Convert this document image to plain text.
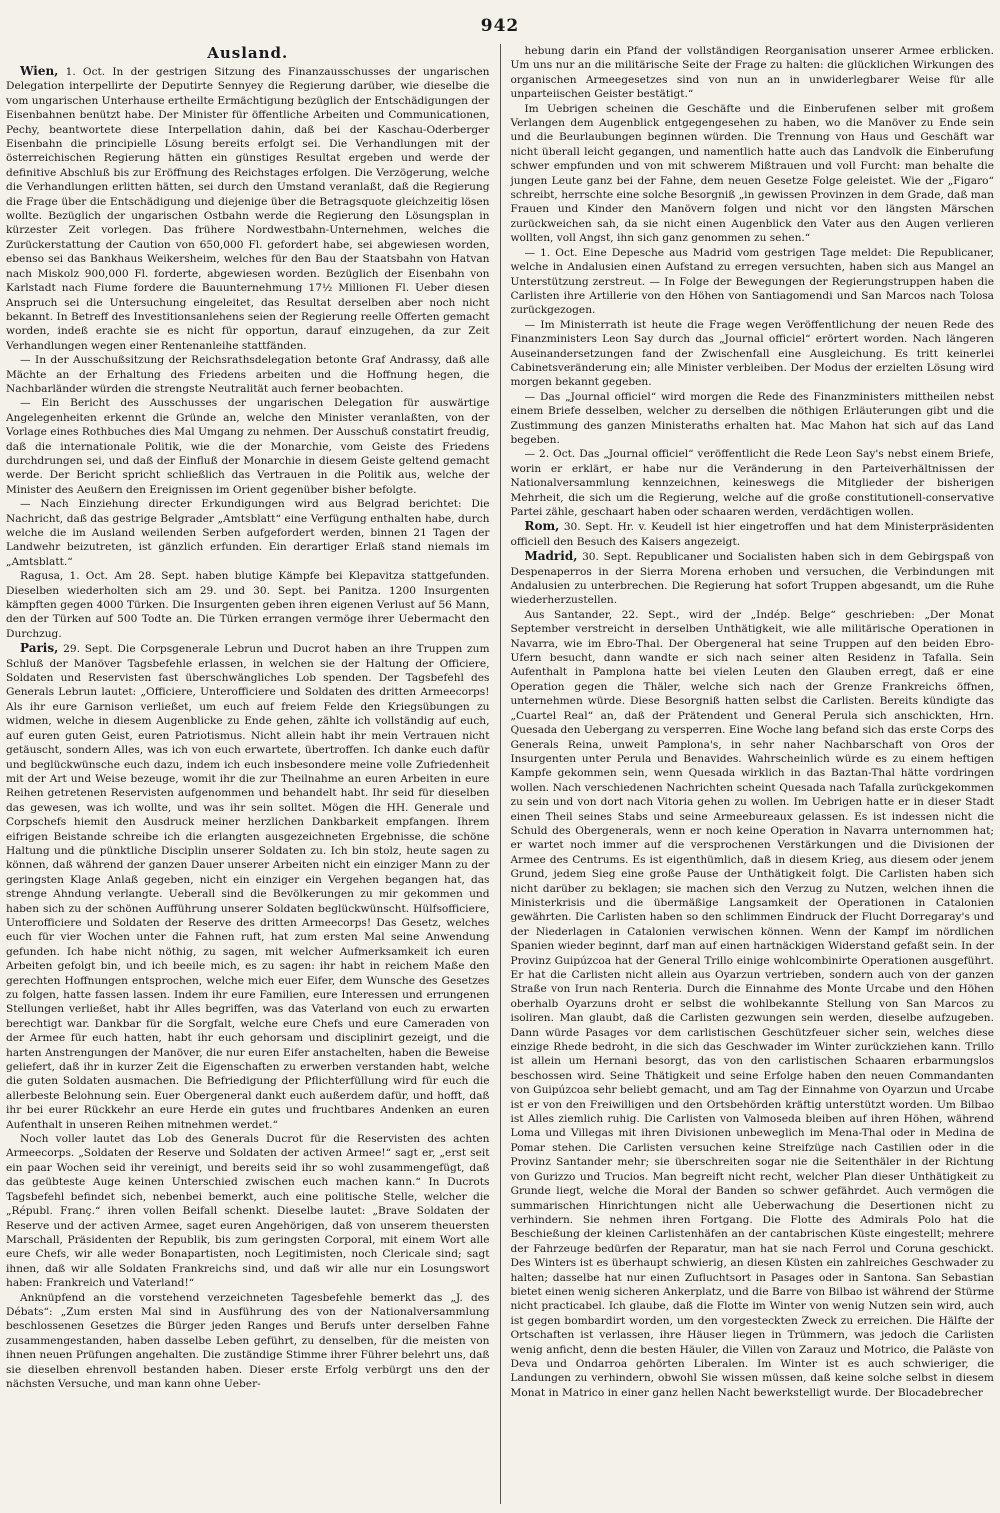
942
Ausland.

Wien, 1. Oct. In der gestrigen Sitzung des Finanzausschusses der ungarischen Delegation interpellirte der Deputirte Sennyey die Regierung darüber, wie dieselbe die vom ungarischen Unterhause ertheilte Ermächtigung bezüglich der Entschädigungen der Eisenbahnen benützt habe. Der Minister für öffentliche Arbeiten und Communicationen, Pechy, beantwortete diese Interpellation dahin, daß bei der Kaschau-Oderberger Eisenbahn die principielle Lösung bereits erfolgt sei. Die Verhandlungen mit der österreichischen Regierung hätten ein günstiges Resultat ergeben und werde der definitive Abschluß bis zur Eröffnung des Reichstages erfolgen. Die Verzögerung, welche die Verhandlungen erlitten hätten, sei durch den Umstand veranlaßt, daß die Regierung die Frage über die Entschädigung und diejenige über die Betragsquote gleichzeitig lösen wollte. Bezüglich der ungarischen Ostbahn werde die Regierung den Lösungsplan in kürzester Zeit vorlegen. Das frühere Nordwestbahn-Unternehmen, welches die Zurückerstattung der Caution von 650,000 Fl. gefordert habe, sei abgewiesen worden, ebenso sei das Bankhaus Weikersheim, welches für den Bau der Staatsbahn von Hatvan nach Miskolz 900,000 Fl. forderte, abgewiesen worden. Bezüglich der Eisenbahn von Karlstadt nach Fiume fordere die Bauunternehmung 17½ Millionen Fl. Ueber diesen Anspruch sei die Untersuchung eingeleitet, das Resultat derselben aber noch nicht bekannt. In Betreff des Investitionsanlehens seien der Regierung reelle Offerten gemacht worden, indeß erachte sie es nicht für opportun, darauf einzugehen, da zur Zeit Verhandlungen wegen einer Rentenanleihe stattfänden.

— In der Ausschußsitzung der Reichsrathsdelegation betonte Graf Andrassy, daß alle Mächte an der Erhaltung des Friedens arbeiten und die Hoffnung hegen, die Nachbarländer würden die strengste Neutralität auch ferner beobachten.

— Ein Bericht des Ausschusses der ungarischen Delegation für auswärtige Angelegenheiten erkennt die Gründe an, welche den Minister veranlaßten, von der Vorlage eines Rothbuches dies Mal Umgang zu nehmen. Der Ausschuß constatirt freudig, daß die internationale Politik, wie die der Monarchie, vom Geiste des Friedens durchdrungen sei, und daß der Einfluß der Monarchie in diesem Geiste geltend gemacht werde. Der Bericht spricht schließlich das Vertrauen in die Politik aus, welche der Minister des Aeußern den Ereignissen im Orient gegenüber bisher befolgte.

— Nach Einziehung directer Erkundigungen wird aus Belgrad berichtet: Die Nachricht, daß das gestrige Belgrader „Amtsblatt“ eine Verfügung enthalten habe, durch welche die im Ausland weilenden Serben aufgefordert werden, binnen 21 Tagen der Landwehr beizutreten, ist gänzlich erfunden. Ein derartiger Erlaß stand niemals im „Amtsblatt.“

Ragusa, 1. Oct. Am 28. Sept. haben blutige Kämpfe bei Klepavitza stattgefunden. Dieselben wiederholten sich am 29. und 30. Sept. bei Panitza. 1200 Insurgenten kämpften gegen 4000 Türken. Die Insurgenten geben ihren eigenen Verlust auf 56 Mann, den der Türken auf 500 Todte an. Die Türken errangen vermöge ihrer Uebermacht den Durchzug.

Paris, 29. Sept. Die Corpsgenerale Lebrun und Ducrot haben an ihre Truppen zum Schluß der Manöver Tagsbefehle erlassen, in welchen sie der Haltung der Officiere, Soldaten und Reservisten fast überschwängliches Lob spenden. Der Tagsbefehl des Generals Lebrun lautet: „Officiere, Unterofficiere und Soldaten des dritten Armeecorps! Als ihr eure Garnison verließet, um euch auf freiem Felde den Kriegsübungen zu widmen, welche in diesem Augenblicke zu Ende gehen, zählte ich vollständig auf euch, auf euren guten Geist, euren Patriotismus. Nicht allein habt ihr mein Vertrauen nicht getäuscht, sondern Alles, was ich von euch erwartete, übertroffen. Ich danke euch dafür und beglückwünsche euch dazu, indem ich euch insbesondere meine volle Zufriedenheit mit der Art und Weise bezeuge, womit ihr die zur Theilnahme an euren Arbeiten in eure Reihen getretenen Reservisten aufgenommen und behandelt habt. Ihr seid für dieselben das gewesen, was ich wollte, und was ihr sein solltet. Mögen die HH. Generale und Corpschefs hiemit den Ausdruck meiner herzlichen Dankbarkeit empfangen. Ihrem eifrigen Beistande schreibe ich die erlangten ausgezeichneten Ergebnisse, die schöne Haltung und die pünktliche Disciplin unserer Soldaten zu. Ich bin stolz, heute sagen zu können, daß während der ganzen Dauer unserer Arbeiten nicht ein einziger Mann zu der geringsten Klage Anlaß gegeben, nicht ein einziger ein Vergehen begangen hat, das strenge Ahndung verlangte. Ueberall sind die Bevölkerungen zu mir gekommen und haben sich zu der schönen Aufführung unserer Soldaten beglückwünscht. Hülfsofficiere, Unterofficiere und Soldaten der Reserve des dritten Armeecorps! Das Gesetz, welches euch für vier Wochen unter die Fahnen ruft, hat zum ersten Mal seine Anwendung gefunden. Ich habe nicht nöthig, zu sagen, mit welcher Aufmerksamkeit ich euren Arbeiten gefolgt bin, und ich beeile mich, es zu sagen: ihr habt in reichem Maße den gerechten Hoffnungen entsprochen, welche mich euer Eifer, dem Wunsche des Gesetzes zu folgen, hatte fassen lassen. Indem ihr eure Familien, eure Interessen und errungenen Stellungen verließet, habt ihr Alles begriffen, was das Vaterland von euch zu erwarten berechtigt war. Dankbar für die Sorgfalt, welche eure Chefs und eure Cameraden von der Armee für euch hatten, habt ihr euch gehorsam und disciplinirt gezeigt, und die harten Anstrengungen der Manöver, die nur euren Eifer anstachelten, haben die Beweise geliefert, daß ihr in kurzer Zeit die Eigenschaften zu erwerben verstanden habt, welche die guten Soldaten ausmachen. Die Befriedigung der Pflichterfüllung wird für euch die allerbeste Belohnung sein. Euer Obergeneral dankt euch außerdem dafür, und hofft, daß ihr bei eurer Rückkehr an eure Herde ein gutes und fruchtbares Andenken an euren Aufenthalt in unseren Reihen mitnehmen werdet.“

Noch voller lautet das Lob des Generals Ducrot für die Reservisten des achten Armeecorps. „Soldaten der Reserve und Soldaten der activen Armee!“ sagt er, „erst seit ein paar Wochen seid ihr vereinigt, und bereits seid ihr so wohl zusammengefügt, daß das geübteste Auge keinen Unterschied zwischen euch machen kann.“ In Ducrots Tagsbefehl befindet sich, nebenbei bemerkt, auch eine politische Stelle, welcher die „Républ. Franç.“ ihren vollen Beifall schenkt. Dieselbe lautet: „Brave Soldaten der Reserve und der activen Armee, saget euren Angehörigen, daß von unserem theuersten Marschall, Präsidenten der Republik, bis zum geringsten Corporal, mit einem Wort alle eure Chefs, wir alle weder Bonapartisten, noch Legitimisten, noch Clericale sind; sagt ihnen, daß wir alle Soldaten Frankreichs sind, und daß wir alle nur ein Losungswort haben: Frankreich und Vaterland!“

Anknüpfend an die vorstehend verzeichneten Tagesbefehle bemerkt das „J. des Débats“: „Zum ersten Mal sind in Ausführung des von der Nationalversammlung beschlossenen Gesetzes die Bürger jeden Ranges und Berufs unter derselben Fahne zusammengestanden, haben dasselbe Leben geführt, zu denselben, für die meisten von ihnen neuen Prüfungen angehalten. Die zuständige Stimme ihrer Führer belehrt uns, daß sie dieselben ehrenvoll bestanden haben. Dieser erste Erfolg verbürgt uns den der nächsten Versuche, und man kann ohne Ueber-

hebung darin ein Pfand der vollständigen Reorganisation unserer Armee erblicken. Um uns nur an die militärische Seite der Frage zu halten: die glücklichen Wirkungen des organischen Armeegesetzes sind von nun an in unwiderlegbarer Weise für alle unparteiischen Geister bestätigt.“

Im Uebrigen scheinen die Geschäfte und die Einberufenen selber mit großem Verlangen dem Augenblick entgegengesehen zu haben, wo die Manöver zu Ende sein und die Beurlaubungen beginnen würden. Die Trennung von Haus und Geschäft war nicht überall leicht gegangen, und namentlich hatte auch das Landvolk die Einberufung schwer empfunden und von mit schwerem Mißtrauen und voll Furcht: man behalte die jungen Leute ganz bei der Fahne, dem neuen Gesetze Folge geleistet. Wie der „Figaro“ schreibt, herrschte eine solche Besorgniß „in gewissen Provinzen in dem Grade, daß man Frauen und Kinder den Manövern folgen und nicht vor den längsten Märschen zurückweichen sah, da sie nicht einen Augenblick den Vater aus den Augen verlieren wollten, voll Angst, ihn sich ganz genommen zu sehen.“

— 1. Oct. Eine Depesche aus Madrid vom gestrigen Tage meldet: Die Republicaner, welche in Andalusien einen Aufstand zu erregen versuchten, haben sich aus Mangel an Unterstützung zerstreut. — In Folge der Bewegungen der Regierungstruppen haben die Carlisten ihre Artillerie von den Höhen von Santiagomendi und San Marcos nach Tolosa zurückgezogen.

— Im Ministerrath ist heute die Frage wegen Veröffentlichung der neuen Rede des Finanzministers Leon Say durch das „Journal officiel“ erörtert worden. Nach längeren Auseinandersetzungen fand der Zwischenfall eine Ausgleichung. Es tritt keinerlei Cabinetsveränderung ein; alle Minister verbleiben. Der Modus der erzielten Lösung wird morgen bekannt gegeben.

— Das „Journal officiel“ wird morgen die Rede des Finanzministers mittheilen nebst einem Briefe desselben, welcher zu derselben die nöthigen Erläuterungen gibt und die Zustimmung des ganzen Ministeraths erhalten hat. Mac Mahon hat sich auf das Land begeben.

— 2. Oct. Das „Journal officiel“ veröffentlicht die Rede Leon Say's nebst einem Briefe, worin er erklärt, er habe nur die Veränderung in den Parteiverhältnissen der Nationalversammlung kennzeichnen, keineswegs die Mitglieder der bisherigen Mehrheit, die sich um die Regierung, welche auf die große constitutionell-conservative Partei zähle, geschaart haben oder schaaren werden, verdächtigen wollen.

Rom, 30. Sept. Hr. v. Keudell ist hier eingetroffen und hat dem Ministerpräsidenten officiell den Besuch des Kaisers angezeigt.

Madrid, 30. Sept. Republicaner und Socialisten haben sich in dem Gebirgspaß von Despenaperros in der Sierra Morena erhoben und versuchen, die Verbindungen mit Andalusien zu unterbrechen. Die Regierung hat sofort Truppen abgesandt, um die Ruhe wiederherzustellen.

Aus Santander, 22. Sept., wird der „Indép. Belge“ geschrieben: „Der Monat September verstreicht in derselben Unthätigkeit, wie alle militärische Operationen in Navarra, wie im Ebro-Thal. Der Obergeneral hat seine Truppen auf den beiden Ebro-Ufern besucht, dann wandte er sich nach seiner alten Residenz in Tafalla. Sein Aufenthalt in Pamplona hatte bei vielen Leuten den Glauben erregt, daß er eine Operation gegen die Thäler, welche sich nach der Grenze Frankreichs öffnen, unternehmen würde. Diese Besorgniß hatten selbst die Carlisten. Bereits kündigte das „Cuartel Real“ an, daß der Prätendent und General Perula sich anschickten, Hrn. Quesada den Uebergang zu versperren. Eine Woche lang befand sich das erste Corps des Generals Reina, unweit Pamplona's, in sehr naher Nachbarschaft von Oros der Insurgenten unter Perula und Benavides. Wahrscheinlich würde es zu einem heftigen Kampfe gekommen sein, wenn Quesada wirklich in das Baztan-Thal hätte vordringen wollen. Nach verschiedenen Nachrichten scheint Quesada nach Tafalla zurückgekommen zu sein und von dort nach Vitoria gehen zu wollen. Im Uebrigen hatte er in dieser Stadt einen Theil seines Stabs und seine Armeebureaux gelassen. Es ist indessen nicht die Schuld des Obergenerals, wenn er noch keine Operation in Navarra unternommen hat; er wartet noch immer auf die versprochenen Verstärkungen und die Divisionen der Armee des Centrums. Es ist eigenthümlich, daß in diesem Krieg, aus diesem oder jenem Grund, jedem Sieg eine große Pause der Unthätigkeit folgt. Die Carlisten haben sich nicht darüber zu beklagen; sie machen sich den Verzug zu Nutzen, welchen ihnen die Ministerkrisis und die übermäßige Langsamkeit der Operationen in Catalonien gewährten. Die Carlisten haben so den schlimmen Eindruck der Flucht Dorregaray's und der Niederlagen in Catalonien verwischen können. Wenn der Kampf im nördlichen Spanien wieder beginnt, darf man auf einen hartnäckigen Widerstand gefaßt sein. In der Provinz Guipúzcoa hat der General Trillo einige wohlcombinirte Operationen ausgeführt. Er hat die Carlisten nicht allein aus Oyarzun vertrieben, sondern auch von der ganzen Straße von Irun nach Renteria. Durch die Einnahme des Monte Urcabe und den Höhen oberhalb Oyarzuns droht er selbst die wohlbekannte Stellung von San Marcos zu isoliren. Man glaubt, daß die Carlisten gezwungen sein werden, dieselbe aufzugeben. Dann würde Pasages vor dem carlistischen Geschützfeuer sicher sein, welches diese einzige Rhede bedroht, in die sich das Geschwader im Winter zurückziehen kann. Trillo ist allein um Hernani besorgt, das von den carlistischen Schaaren erbarmungslos beschossen wird. Seine Thätigkeit und seine Erfolge haben den neuen Commandanten von Guipúzcoa sehr beliebt gemacht, und am Tag der Einnahme von Oyarzun und Urcabe ist er von den Freiwilligen und den Ortsbehörden kräftig unterstützt worden. Um Bilbao ist Alles ziemlich ruhig. Die Carlisten von Valmoseda bleiben auf ihren Höhen, während Loma und Villegas mit ihren Divisionen unbeweglich im Mena-Thal oder in Medina de Pomar stehen. Die Carlisten versuchen keine Streifzüge nach Castilien oder in die Provinz Santander mehr; sie überschreiten sogar nie die Seitenthäler in der Richtung von Gurizzo und Trucios. Man begreift nicht recht, welcher Plan dieser Unthätigkeit zu Grunde liegt, welche die Moral der Banden so schwer gefährdet. Auch vermögen die summarischen Hinrichtungen nicht alle Ueberwachung die Desertionen nicht zu verhindern. Sie nehmen ihren Fortgang. Die Flotte des Admirals Polo hat die Beschießung der kleinen Carlistenhäfen an der cantabrischen Küste eingestellt; mehrere der Fahrzeuge bedürfen der Reparatur, man hat sie nach Ferrol und Coruna geschickt. Des Winters ist es überhaupt schwierig, an diesen Küsten ein zahlreiches Geschwader zu halten; dasselbe hat nur einen Zufluchtsort in Pasages oder in Santona. San Sebastian bietet einen wenig sicheren Ankerplatz, und die Barre von Bilbao ist während der Stürme nicht practicabel. Ich glaube, daß die Flotte im Winter von wenig Nutzen sein wird, auch ist gegen bombardirt worden, um den vorgesteckten Zweck zu erreichen. Die Hälfte der Ortschaften ist verlassen, ihre Häuser liegen in Trümmern, was jedoch die Carlisten wenig anficht, denn die besten Häuler, die Villen von Zarauz und Motrico, die Paläste von Deva und Ondarroa gehörten Liberalen. Im Winter ist es auch schwieriger, die Landungen zu verhindern, obwohl Sie wissen müssen, daß keine solche selbst in diesem Monat in Matrico in einer ganz hellen Nacht bewerkstelligt wurde. Der Blocadebrecher
